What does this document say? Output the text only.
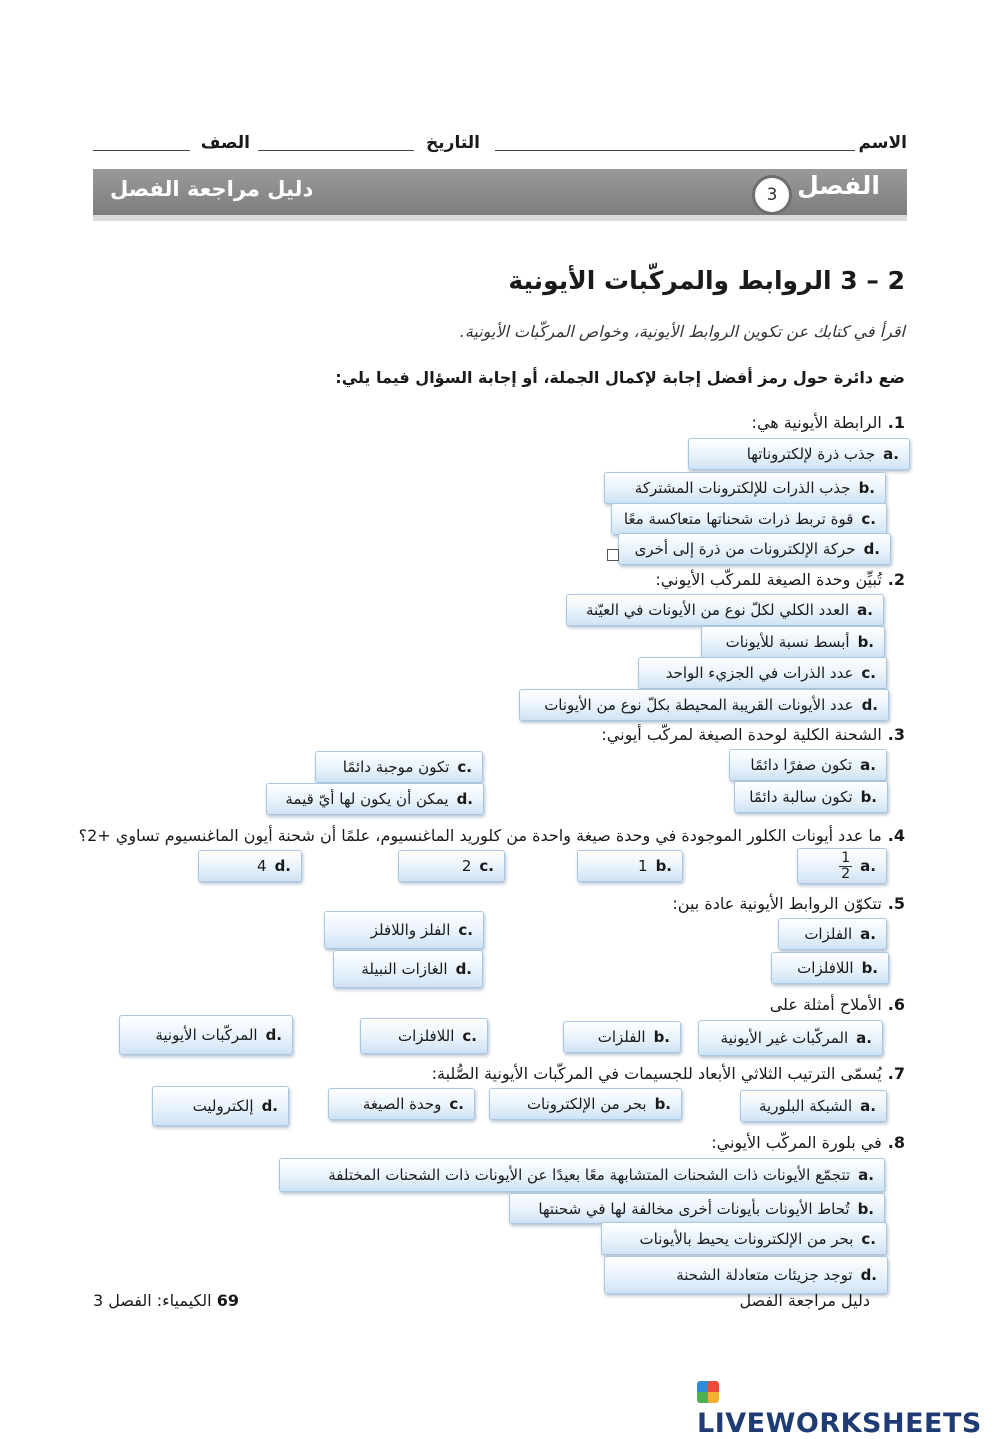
الاسم
التاريخ
الصف
الفصل
3
دليل مراجعة الفصل
2 – 3 الروابط والمركّبات الأيونية
اقرأ في كتابك عن تكوين الروابط الأيونية، وخواص المركّبات الأيونية.
ضع دائرة حول رمز أفضل إجابة لإكمال الجملة، أو إجابة السؤال فيما يلي:
1.الرابطة الأيونية هي:
a.
جذب ذرة لإلكتروناتها
b.
جذب الذرات للإلكترونات المشتركة
c.
قوة تربط ذرات شحناتها متعاكسة معًا
d.
حركة الإلكترونات من ذرة إلى أخرى
2.تُبيِّن وحدة الصيغة للمركّب الأيوني:
a.
العدد الكلي لكلّ نوع من الأيونات في العيّنة
b.
أبسط نسبة للأيونات
c.
عدد الذرات في الجزيء الواحد
d.
عدد الأيونات القريبة المحيطة بكلّ نوع من الأيونات
3.الشحنة الكلية لوحدة الصيغة لمركّب أيوني:
a.
تكون صفرًا دائمًا
b.
تكون سالبة دائمًا
c.
تكون موجبة دائمًا
d.
يمكن أن يكون لها أيّ قيمة
4.ما عدد أيونات الكلور الموجودة في وحدة صيغة واحدة من كلوريد الماغنسيوم، علمًا أن شحنة أيون الماغنسيوم تساوي +2؟
a.
$\frac{1}{2}$
b.
1
c.
2
d.
4
5.تتكوّن الروابط الأيونية عادة بين:
a.
الفلزات
b.
اللافلزات
c.
الفلز واللافلز
d.
الغازات النبيلة
6.الأملاح أمثلة على
a.
المركّبات غير الأيونية
b.
الفلزات
c.
اللافلزات
d.
المركّبات الأيونية
7.يُسمّى الترتيب الثلاثي الأبعاد للجسيمات في المركّبات الأيونية الصُّلبة:
a.
الشبكة البلورية
b.
بحر من الإلكترونات
c.
وحدة الصيغة
d.
إلكتروليت
8.في بلورة المركّب الأيوني:
a.
تتجمّع الأيونات ذات الشحنات المتشابهة معًا بعيدًا عن الأيونات ذات الشحنات المختلفة
b.
تُحاط الأيونات بأيونات أخرى مخالفة لها في شحنتها
c.
بحر من الإلكترونات يحيط بالأيونات
d.
توجد جزيئات متعادلة الشحنة
69 الكيمياء: الفصل 3	دليل مراجعة الفصل
LIVEWORKSHEETS
